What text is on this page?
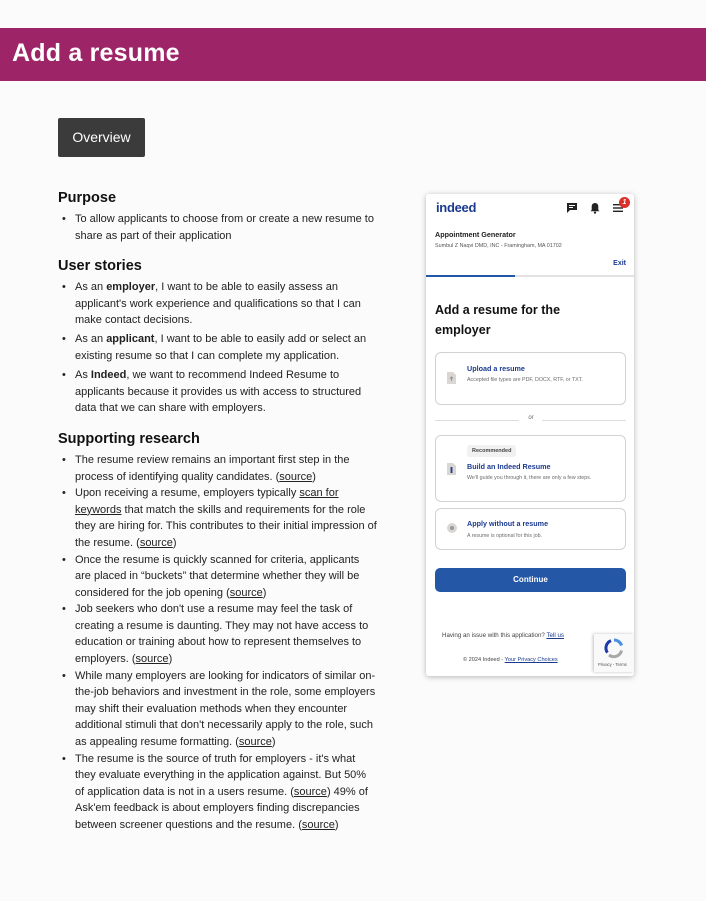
Add a resume
Overview
Purpose
• To allow applicants to choose from or create a new resume to share as part of their application
User stories
• As an employer, I want to be able to easily assess an applicant's work experience and qualifications so that I can make contact decisions.
• As an applicant, I want to be able to easily add or select an existing resume so that I can complete my application.
• As Indeed, we want to recommend Indeed Resume to applicants because it provides us with access to structured data that we can share with employers.
Supporting research
• The resume review remains an important first step in the process of identifying quality candidates. (source)
• Upon receiving a resume, employers typically scan for keywords that match the skills and requirements for the role they are hiring for. This contributes to their initial impression of the resume. (source)
• Once the resume is quickly scanned for criteria, applicants are placed in “buckets” that determine whether they will be considered for the job opening (source)
• Job seekers who don't use a resume may feel the task of creating a resume is daunting. They may not have access to education or training about how to represent themselves to employers. (source)
• While many employers are looking for indicators of similar on-the-job behaviors and investment in the role, some employers may shift their evaluation methods when they encounter additional stimuli that don't necessarily apply to the role, such as appealing resume formatting. (source)
• The resume is the source of truth for employers - it's what they evaluate everything in the application against. But 50% of application data is not in a users resume. (source) 49% of Ask'em feedback is about employers finding discrepancies between screener questions and the resume. (source)
indeed	1
Appointment Generator
Sumbul Z Naqvi DMD, INC - Framingham, MA 01702
Exit
Add a resume for the employer
Upload a resume
Accepted file types are PDF, DOCX, RTF, or TXT.
or
Recommended
Build an Indeed Resume
We'll guide you through it, there are only a few steps.
Apply without a resume
A resume is optional for this job.
Continue
Having an issue with this application? Tell us
© 2024 Indeed - Your Privacy Choices
Privacy - Terms
